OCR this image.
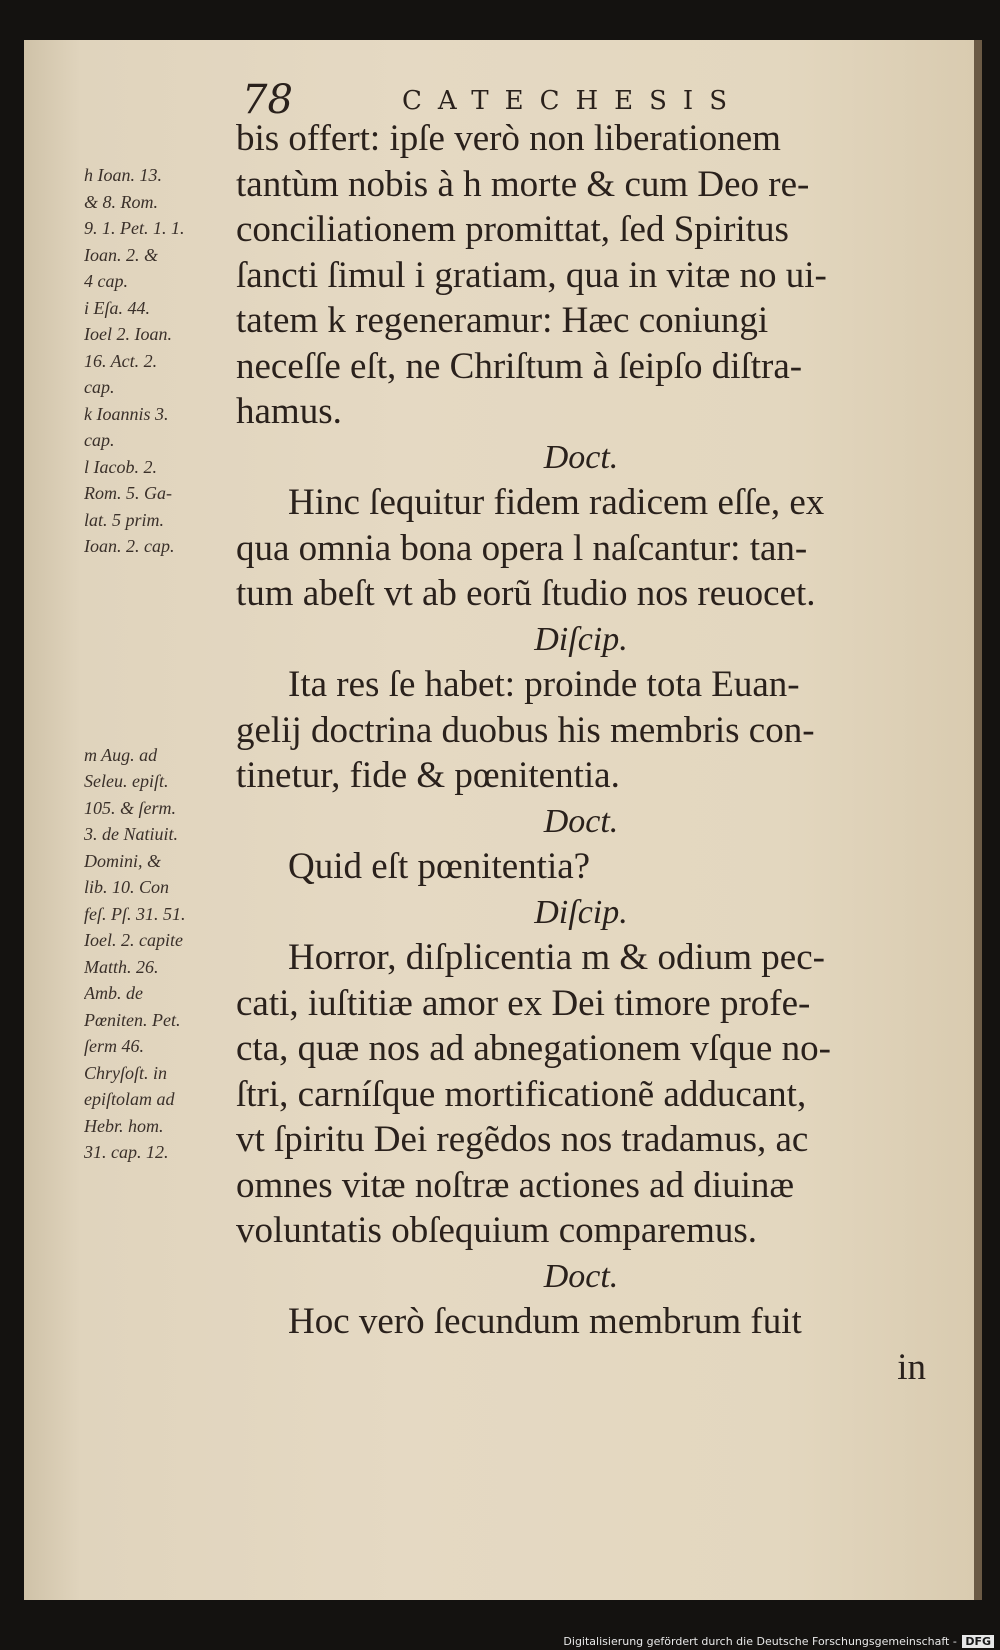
78	CATECHESIS
bis offert: ipſe verò non liberationem
tantùm nobis à h morte & cum Deo re-
conciliationem promittat, ſed Spiritus
ſancti ſimul i gratiam, qua in vitæ no ui-
tatem k regeneramur: Hæc coniungi
neceſſe eſt, ne Chriſtum à ſeipſo diſtra-
hamus.
Doct.
Hinc ſequitur fidem radicem eſſe, ex
qua omnia bona opera l naſcantur: tan-
tum abeſt vt ab eorũ ſtudio nos reuocet.
Diſcip.
Ita res ſe habet: proinde tota Euan-
gelij doctrina duobus his membris con-
tinetur, fide & pœnitentia.
Doct.
Quid eſt pœnitentia?
Diſcip.
Horror, diſplicentia m & odium pec-
cati, iuſtitiæ amor ex Dei timore profe-
cta, quæ nos ad abnegationem vſque no-
ſtri, carníſque mortificationẽ adducant,
vt ſpiritu Dei regẽdos nos tradamus, ac
omnes vitæ noſtræ actiones ad diuinæ
voluntatis obſequium comparemus.
Doct.
Hoc verò ſecundum membrum fuit
in
h Ioan. 13.
& 8. Rom.
9. 1. Pet. 1. 1.
Ioan. 2. &
4 cap.
i Eſa. 44.
Ioel 2. Ioan.
16. Act. 2.
cap.
k Ioannis 3.
cap.
l Iacob. 2.
Rom. 5. Ga-
lat. 5 prim.
Ioan. 2. cap.
m Aug. ad
Seleu. epiſt.
105. & ſerm.
3. de Natiuit.
Domini, &
lib. 10. Con
feſ. Pſ. 31. 51.
Ioel. 2. capite
Matth. 26.
Amb. de
Pœniten. Pet.
ſerm 46.
Chryſoſt. in
epiſtolam ad
Hebr. hom.
31. cap. 12.
Digitalisierung gefördert durch die Deutsche Forschungsgemeinschaft - DFG
